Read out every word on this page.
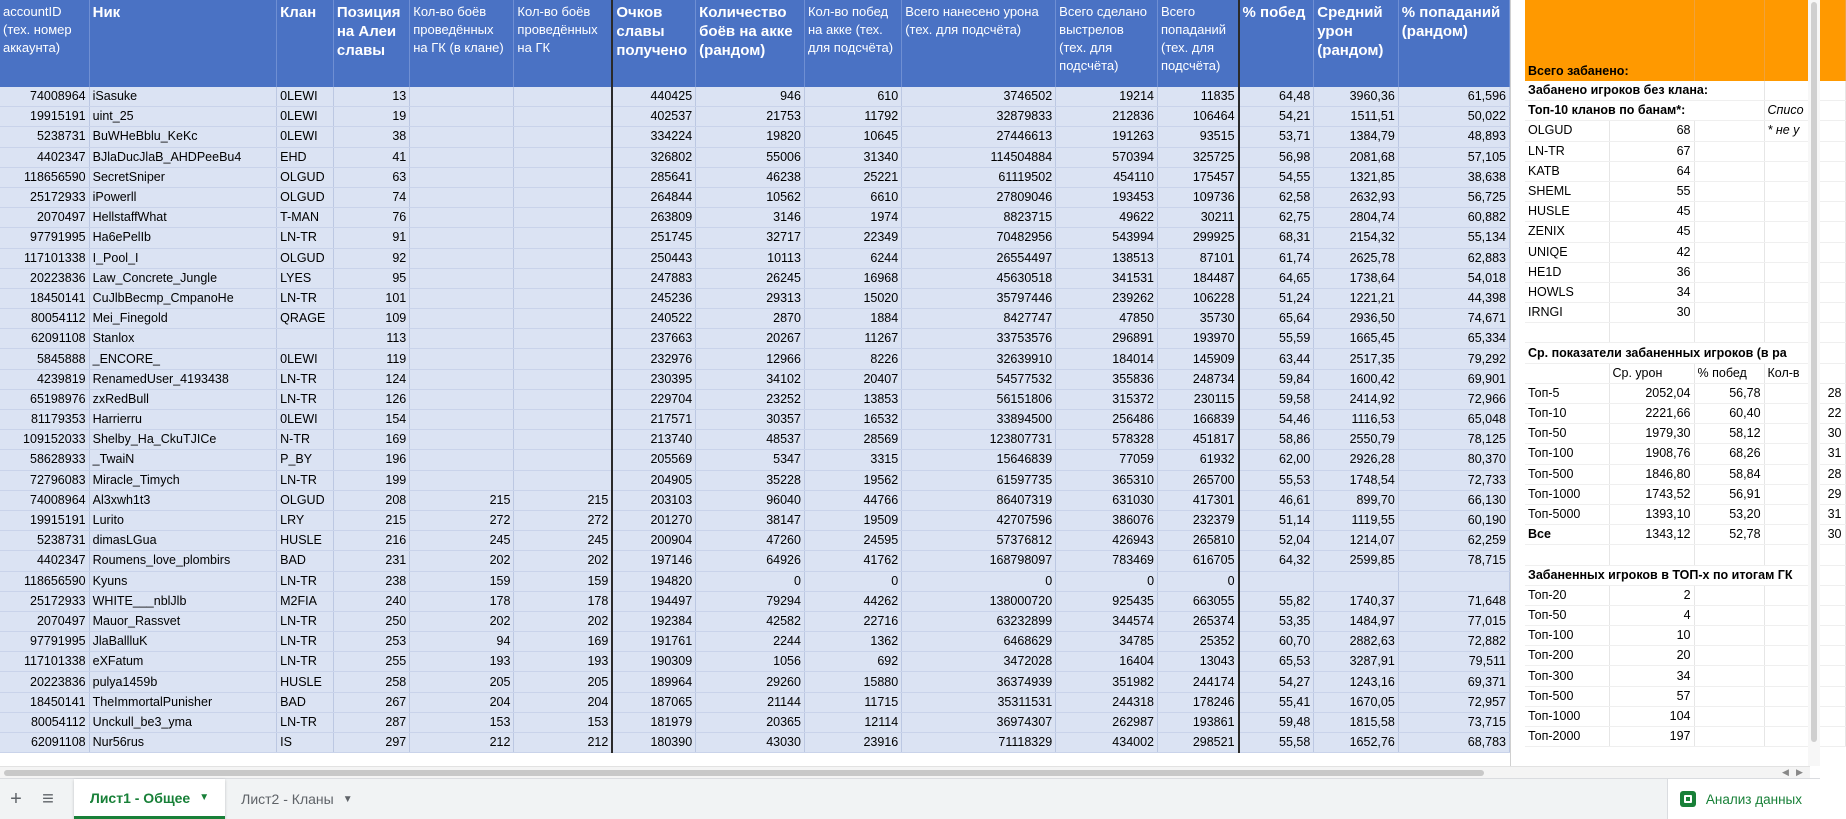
accountID (тех. номер аккаунта)	Ник	Клан	Позиция на Алеи славы	Кол-во боёв проведённых на ГК (в клане)	Кол-во боёв проведённых на ГК	Очков славы получено	Количество боёв на акке (рандом)	Кол-во побед на акке (тех. для подсчёта)	Всего нанесено урона (тех. для подсчёта)	Всего сделано выстрелов (тех. для подсчёта)	Всего попаданий (тех. для подсчёта)	% побед	Средний урон (рандом)	% попаданий (рандом)
74008964	iSasuke	0LEWI	13			440425	946	610	3746502	19214	11835	64,48	3960,36	61,596
19915191	uint_25	0LEWI	19			402537	21753	11792	32879833	212836	106464	54,21	1511,51	50,022
5238731	BuWHeBblu_KeKc	0LEWI	38			334224	19820	10645	27446613	191263	93515	53,71	1384,79	48,893
4402347	BJlaDucJlaB_AHDPeeBu4	EHD	41			326802	55006	31340	114504884	570394	325725	56,98	2081,68	57,105
118656590	SecretSniper	OLGUD	63			285641	46238	25221	61119502	454110	175457	54,55	1321,85	38,638
25172933	iPowerll	OLGUD	74			264844	10562	6610	27809046	193453	109736	62,58	2632,93	56,725
2070497	HellstaffWhat	T-MAN	76			263809	3146	1974	8823715	49622	30211	62,75	2804,74	60,882
97791995	Ha6ePelIb	LN-TR	91			251745	32717	22349	70482956	543994	299925	68,31	2154,32	55,134
117101338	I_Pool_I	OLGUD	92			250443	10113	6244	26554497	138513	87101	61,74	2625,78	62,883
20223836	Law_Concrete_Jungle	LYES	95			247883	26245	16968	45630518	341531	184487	64,65	1738,64	54,018
18450141	CuJlbBecmp_CmpanoHe	LN-TR	101			245236	29313	15020	35797446	239262	106228	51,24	1221,21	44,398
80054112	Mei_Finegold	QRAGE	109			240522	2870	1884	8427747	47850	35730	65,64	2936,50	74,671
62091108	Stanlox		113			237663	20267	11267	33753576	296891	193970	55,59	1665,45	65,334
5845888	_ENCORE_	0LEWI	119			232976	12966	8226	32639910	184014	145909	63,44	2517,35	79,292
4239819	RenamedUser_4193438	LN-TR	124			230395	34102	20407	54577532	355836	248734	59,84	1600,42	69,901
65198976	zxRedBull	LN-TR	126			229704	23252	13853	56151806	315372	230115	59,58	2414,92	72,966
81179353	Harrierru	0LEWI	154			217571	30357	16532	33894500	256486	166839	54,46	1116,53	65,048
109152033	Shelby_Ha_CkuTJICe	N-TR	169			213740	48537	28569	123807731	578328	451817	58,86	2550,79	78,125
58628933	_TwaiN	P_BY	196			205569	5347	3315	15646839	77059	61932	62,00	2926,28	80,370
72796083	Miracle_Timych	LN-TR	199			204905	35228	19562	61597735	365310	265700	55,53	1748,54	72,733
74008964	Al3xwh1t3	OLGUD	208	215	215	203103	96040	44766	86407319	631030	417301	46,61	899,70	66,130
19915191	Lurito	LRY	215	272	272	201270	38147	19509	42707596	386076	232379	51,14	1119,55	60,190
5238731	dimasLGua	HUSLE	216	245	245	200904	47260	24595	57376812	426943	265810	52,04	1214,07	62,259
4402347	Roumens_love_plombirs	BAD	231	202	202	197146	64926	41762	168798097	783469	616705	64,32	2599,85	78,715
118656590	Kyuns	LN-TR	238	159	159	194820	0	0	0	0	0			
25172933	WHITE___nblJlb	M2FIA	240	178	178	194497	79294	44262	138000720	925435	663055	55,82	1740,37	71,648
2070497	Mauor_Rassvet	LN-TR	250	202	202	192384	42582	22716	63232899	344574	265374	53,35	1484,97	77,015
97791995	JlaBallluK	LN-TR	253	94	169	191761	2244	1362	6468629	34785	25352	60,70	2882,63	72,882
117101338	eXFatum	LN-TR	255	193	193	190309	1056	692	3472028	16404	13043	65,53	3287,91	79,511
20223836	pulya1459b	HUSLE	258	205	205	189964	29260	15880	36374939	351982	244174	54,27	1243,16	69,371
18450141	TheImmortalPunisher	BAD	267	204	204	187065	21144	11715	35311531	244318	178246	55,41	1670,05	72,957
80054112	Unckull_be3_yma	LN-TR	287	153	153	181979	20365	12114	36974307	262987	193861	59,48	1815,58	73,715
62091108	Nur56rus	IS	297	212	212	180390	43030	23916	71118329	434002	298521	55,58	1652,76	68,783
Всего забанено:			
Забанено игроков без клана:			
Топ-10 кланов по банам*:			Списо
OLGUD	68		* не у
LN-TR	67		
KATB	64		
SHEML	55		
HUSLE	45		
ZENIX	45		
UNIQE	42		
HE1D	36		
HOWLS	34		
IRNGI	30		

Ср. показатели забаненных игроков (в ра			
	Ср. урон	% побед	Кол-в
Топ-5	2052,04	56,78	28
Топ-10	2221,66	60,40	22
Топ-50	1979,30	58,12	30
Топ-100	1908,76	68,26	31
Топ-500	1846,80	58,84	28
Топ-1000	1743,52	56,91	29
Топ-5000	1393,10	53,20	31
Все	1343,12	52,78	30

Забаненных игроков в ТОП-х по итогам ГК			
Топ-20	2		
Топ-50	4		
Топ-100	10		
Топ-200	20		
Топ-300	34		
Топ-500	57		
Топ-1000	104		
Топ-2000	197		
◀ ▶
+	≡	Лист1 - Общее ▼ Лист2 - Кланы ▼	Анализ данных
